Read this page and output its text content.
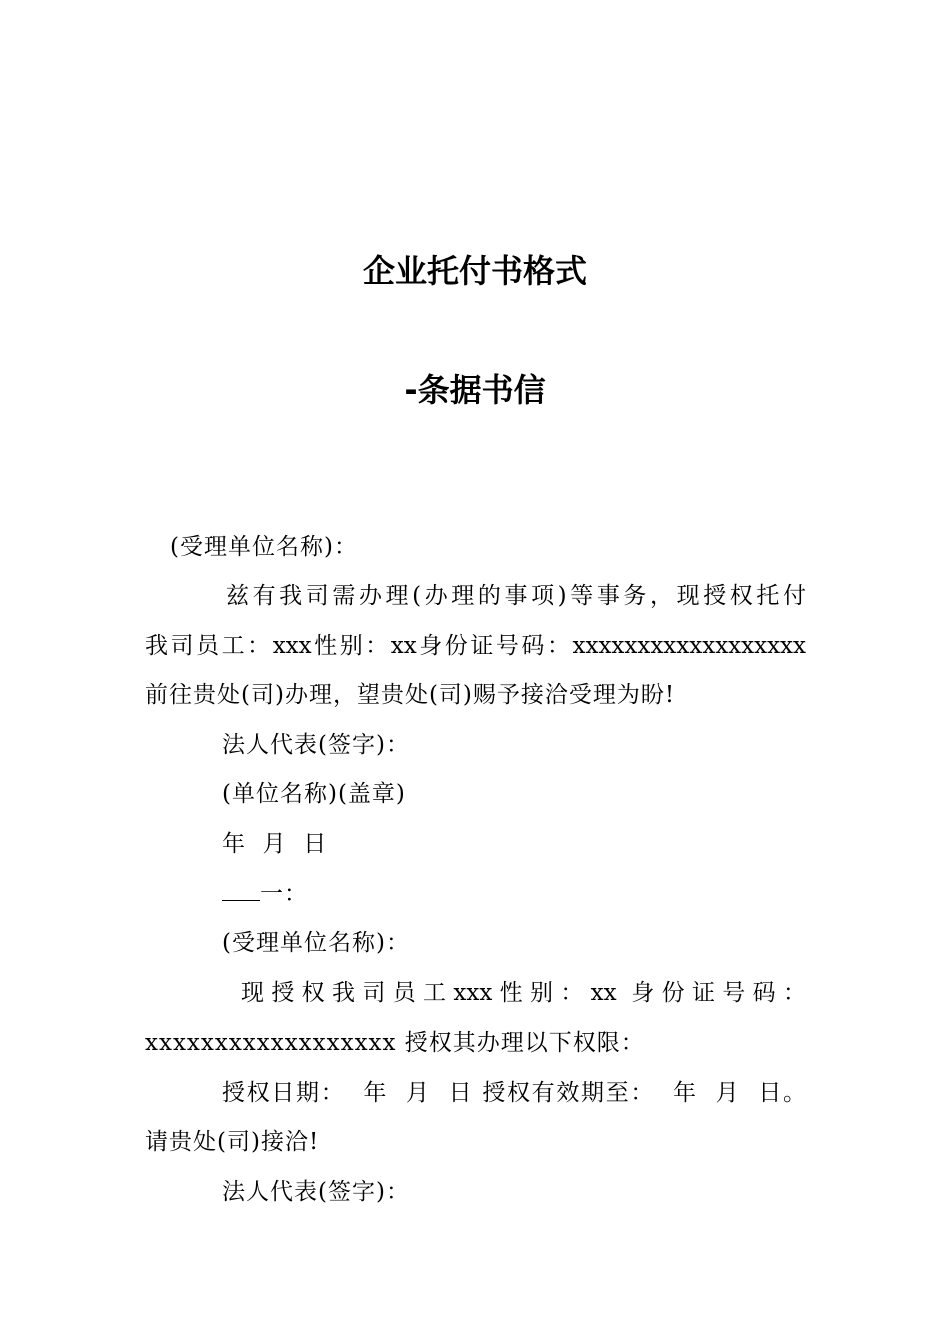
企业托付书格式
-条据书信
(受理单位名称)：
兹有我司需办理(办理的事项)等事务，现授权托付
我司员工：xxx性别：xx身份证号码：xxxxxxxxxxxxxxxxxx
前往贵处(司)办理，望贵处(司)赐予接洽受理为盼!
法人代表(签字)：
(单位名称)(盖章)
年  月  日
一：
(受理单位名称)：
现授权我司员工xxx性别：xx 身份证号码：
xxxxxxxxxxxxxxxxxx 授权其办理以下权限：
授权日期：  年  月  日 授权有效期至：  年  月  日。
请贵处(司)接洽!
法人代表(签字)：
